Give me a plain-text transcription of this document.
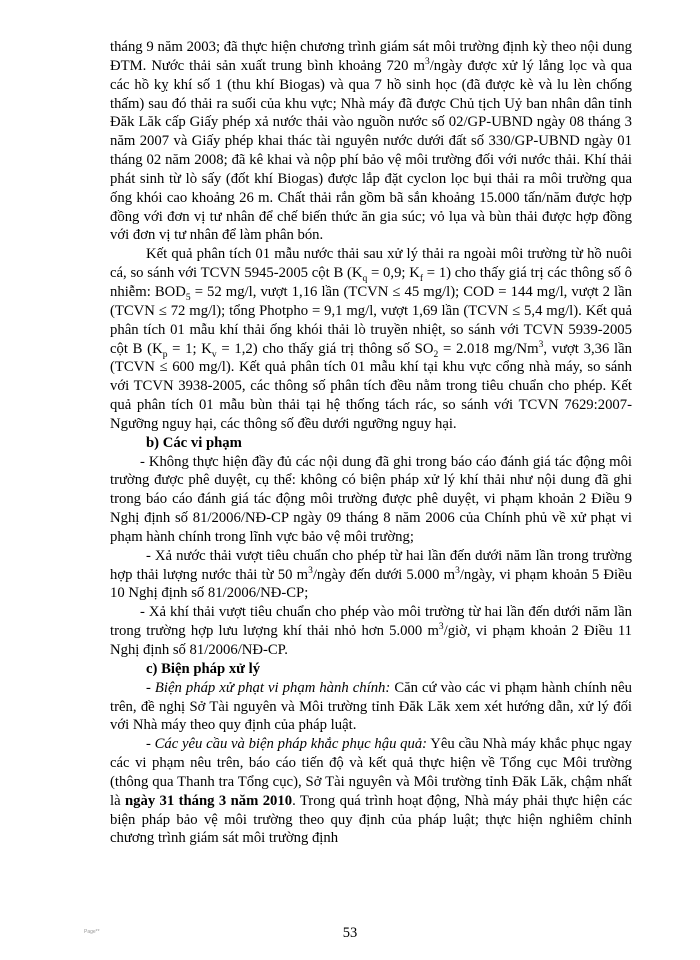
tháng 9 năm 2003; đã thực hiện chương trình giám sát môi trường định kỳ theo nội dung ĐTM. Nước thải sản xuất trung bình khoảng 720 $m^3$/ngày được xử lý lắng lọc và qua các hồ kỵ khí số 1 (thu khí Biogas) và qua 7 hồ sinh học (đã được kè và lu lèn chống thấm) sau đó thải ra suối của khu vực; Nhà máy đã được Chủ tịch Uỷ ban nhân dân tỉnh Đăk Lăk cấp Giấy phép xả nước thải vào nguồn nước số 02/GP-UBND ngày 08 tháng 3 năm 2007 và Giấy phép khai thác tài nguyên nước dưới đất số 330/GP-UBND ngày 01 tháng 02 năm 2008; đã kê khai và nộp phí bảo vệ môi trường đối với nước thải. Khí thải phát sinh từ lò sấy (đốt khí Biogas) được lắp đặt cyclon lọc bụi thải ra môi trường qua ống khói cao khoảng 26 m. Chất thải rắn gồm bã sắn khoảng 15.000 tấn/năm được hợp đồng với đơn vị tư nhân để chế biến thức ăn gia súc; vỏ lụa và bùn thải được hợp đồng với đơn vị tư nhân để làm phân bón.

Kết quả phân tích 01 mẫu nước thải sau xử lý thải ra ngoài môi trường từ hồ nuôi cá, so sánh với TCVN 5945-2005 cột B ($K_q = 0,9$; $K_f = 1$) cho thấy giá trị các thông số ô nhiễm: $BOD_5 = 52$ mg/l, vượt 1,16 lần (TCVN ≤ 45 mg/l); COD = 144 mg/l, vượt 2 lần (TCVN ≤ 72 mg/l); tổng Photpho = 9,1 mg/l, vượt 1,69 lần (TCVN ≤ 5,4 mg/l). Kết quả phân tích 01 mẫu khí thải ống khói thải lò truyền nhiệt, so sánh với TCVN 5939-2005 cột B ($K_p = 1$; $K_v = 1,2$) cho thấy giá trị thông số $SO_2 = 2.018$ mg/Nm$^3$, vượt 3,36 lần (TCVN ≤ 600 mg/l). Kết quả phân tích 01 mẫu khí tại khu vực cổng nhà máy, so sánh với TCVN 3938-2005, các thông số phân tích đều nằm trong tiêu chuẩn cho phép. Kết quả phân tích 01 mẫu bùn thải tại hệ thống tách rác, so sánh với TCVN 7629:2007-Ngưỡng nguy hại, các thông số đều dưới ngưỡng nguy hại.

b) Các vi phạm

- Không thực hiện đầy đủ các nội dung đã ghi trong báo cáo đánh giá tác động môi trường được phê duyệt, cụ thể: không có biện pháp xử lý khí thải như nội dung đã ghi trong báo cáo đánh giá tác động môi trường được phê duyệt, vi phạm khoản 2 Điều 9 Nghị định số 81/2006/NĐ-CP ngày 09 tháng 8 năm 2006 của Chính phủ về xử phạt vi phạm hành chính trong lĩnh vực bảo vệ môi trường;

- Xả nước thải vượt tiêu chuẩn cho phép từ hai lần đến dưới năm lần trong trường hợp thải lượng nước thải từ 50 $m^3$/ngày đến dưới 5.000 $m^3$/ngày, vi phạm khoản 5 Điều 10 Nghị định số 81/2006/NĐ-CP;

- Xả khí thải vượt tiêu chuẩn cho phép vào môi trường từ hai lần đến dưới năm lần trong trường hợp lưu lượng khí thải nhỏ hơn 5.000 $m^3$/giờ, vi phạm khoản 2 Điều 11 Nghị định số 81/2006/NĐ-CP.

c) Biện pháp xử lý

- Biện pháp xử phạt vi phạm hành chính: Căn cứ vào các vi phạm hành chính nêu trên, đề nghị Sở Tài nguyên và Môi trường tỉnh Đăk Lăk xem xét hướng dẫn, xử lý đối với Nhà máy theo quy định của pháp luật.

- Các yêu cầu và biện pháp khắc phục hậu quả: Yêu cầu Nhà máy khắc phục ngay các vi phạm nêu trên, báo cáo tiến độ và kết quả thực hiện về Tổng cục Môi trường (thông qua Thanh tra Tổng cục), Sở Tài nguyên và Môi trường tỉnh Đăk Lăk, chậm nhất là ngày 31 tháng 3 năm 2010. Trong quá trình hoạt động, Nhà máy phải thực hiện các biện pháp bảo vệ môi trường theo quy định của pháp luật; thực hiện nghiêm chỉnh chương trình giám sát môi trường định

Page**	53
